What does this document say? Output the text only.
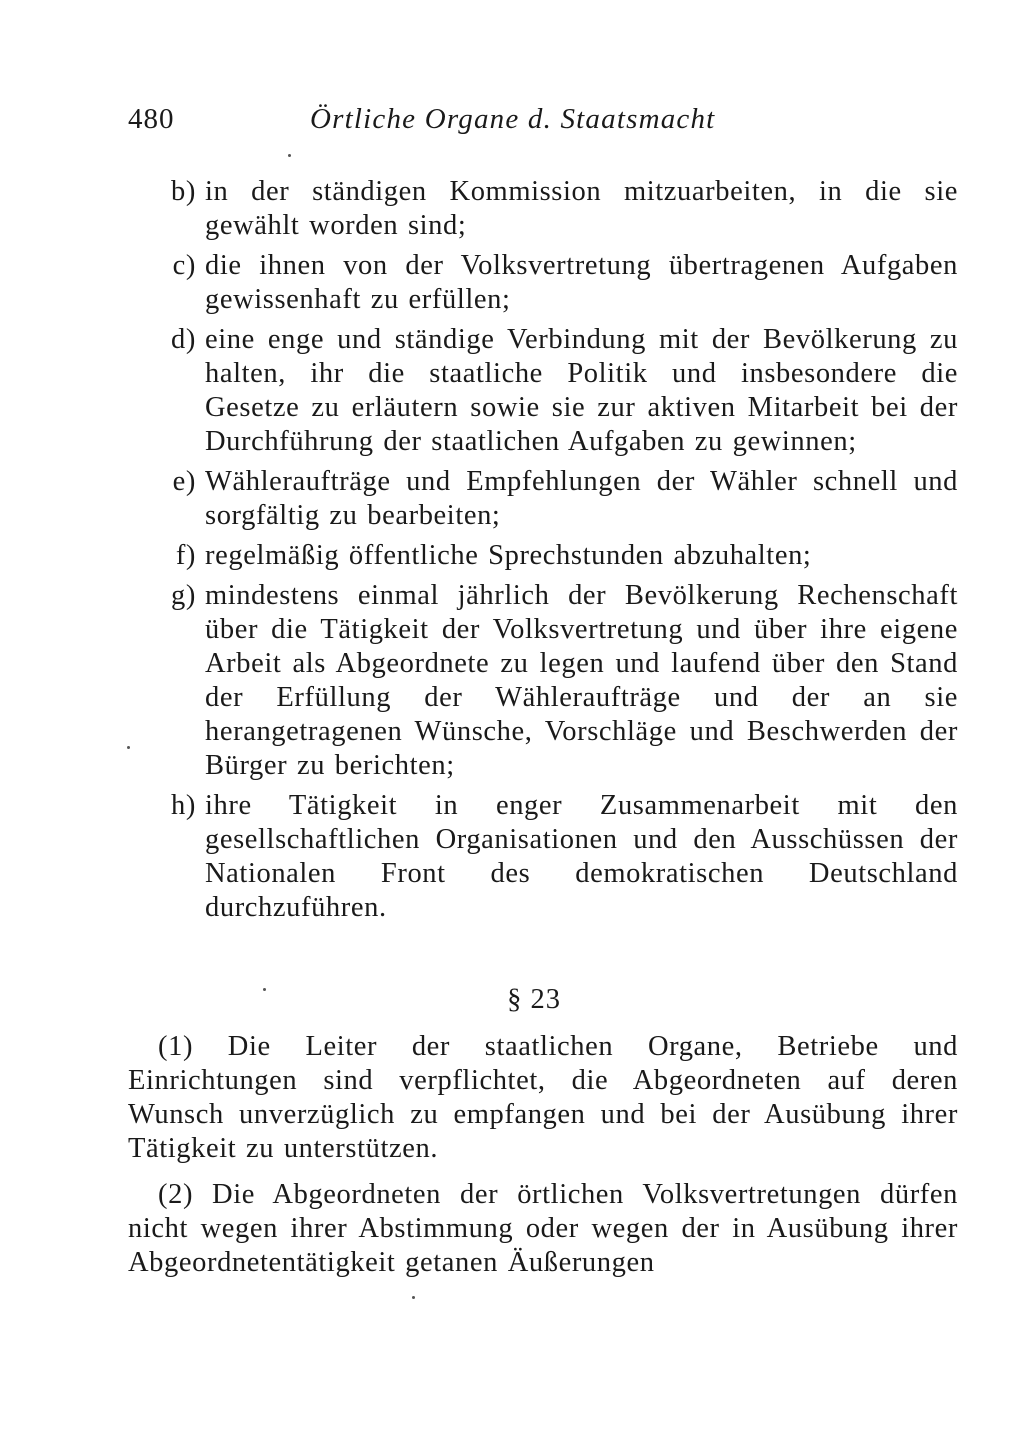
480	Örtliche Organe d. Staatsmacht
b) in der ständigen Kommission mitzuarbeiten, in die sie gewählt worden sind;
c) die ihnen von der Volksvertretung übertragenen Aufgaben gewissenhaft zu erfüllen;
d) eine enge und ständige Verbindung mit der Bevölkerung zu halten, ihr die staatliche Politik und insbesondere die Gesetze zu erläutern sowie sie zur aktiven Mitarbeit bei der Durchführung der staatlichen Aufgaben zu gewinnen;
e) Wähleraufträge und Empfehlungen der Wähler schnell und sorgfältig zu bearbeiten;
f) regelmäßig öffentliche Sprechstunden abzuhalten;
g) mindestens einmal jährlich der Bevölkerung Rechenschaft über die Tätigkeit der Volksvertretung und über ihre eigene Arbeit als Abgeordnete zu legen und laufend über den Stand der Erfüllung der Wähleraufträge und der an sie herangetragenen Wünsche, Vorschläge und Beschwerden der Bürger zu berichten;
h) ihre Tätigkeit in enger Zusammenarbeit mit den gesellschaftlichen Organisationen und den Ausschüssen der Nationalen Front des demokratischen Deutschland durchzuführen.
§ 23

(1) Die Leiter der staatlichen Organe, Betriebe und Einrichtungen sind verpflichtet, die Abgeordneten auf deren Wunsch unverzüglich zu empfangen und bei der Ausübung ihrer Tätigkeit zu unterstützen.

(2) Die Abgeordneten der örtlichen Volksvertretungen dürfen nicht wegen ihrer Abstimmung oder wegen der in Ausübung ihrer Abgeordnetentätigkeit getanen Äußerungen
